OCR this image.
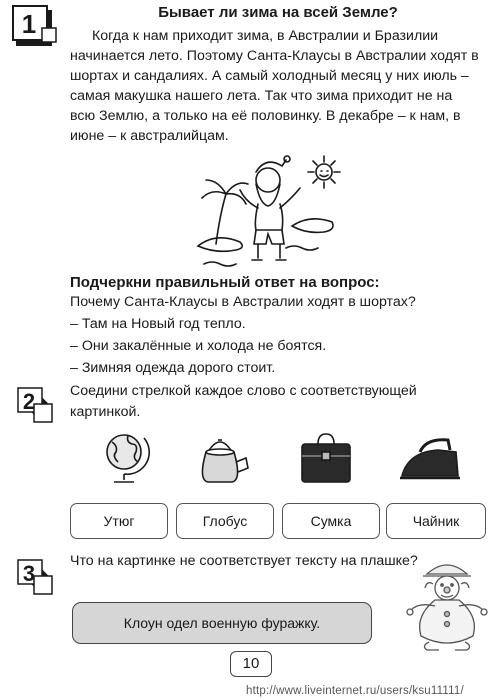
1	Бывает ли зима на всей Земле?
Когда к нам приходит зима, в Австралии и Бразилии начинается лето. Поэтому Санта-Клаусы в Австралии ходят в шортах и сандалиях. А самый холодный месяц у них июль – самая макушка нашего лета. Так что зима приходит не на всю Землю, а только на её половинку. В декабре – к нам, в июне – к австралийцам.
Подчеркни правильный ответ на вопрос:
Почему Санта-Клаусы в Австралии ходят в шортах?
– Там на Новый год тепло.
– Они закалённые и холода не боятся.
– Зимняя одежда дорого стоит.
2 Соедини стрелкой каждое слово с соответствующей картинкой.
Утюг	Глобус	Сумка	Чайник
3 Что на картинке не соответствует тексту на плашке?
Клоун одел военную фуражку.
10
http://www.liveinternet.ru/users/ksu11111/
